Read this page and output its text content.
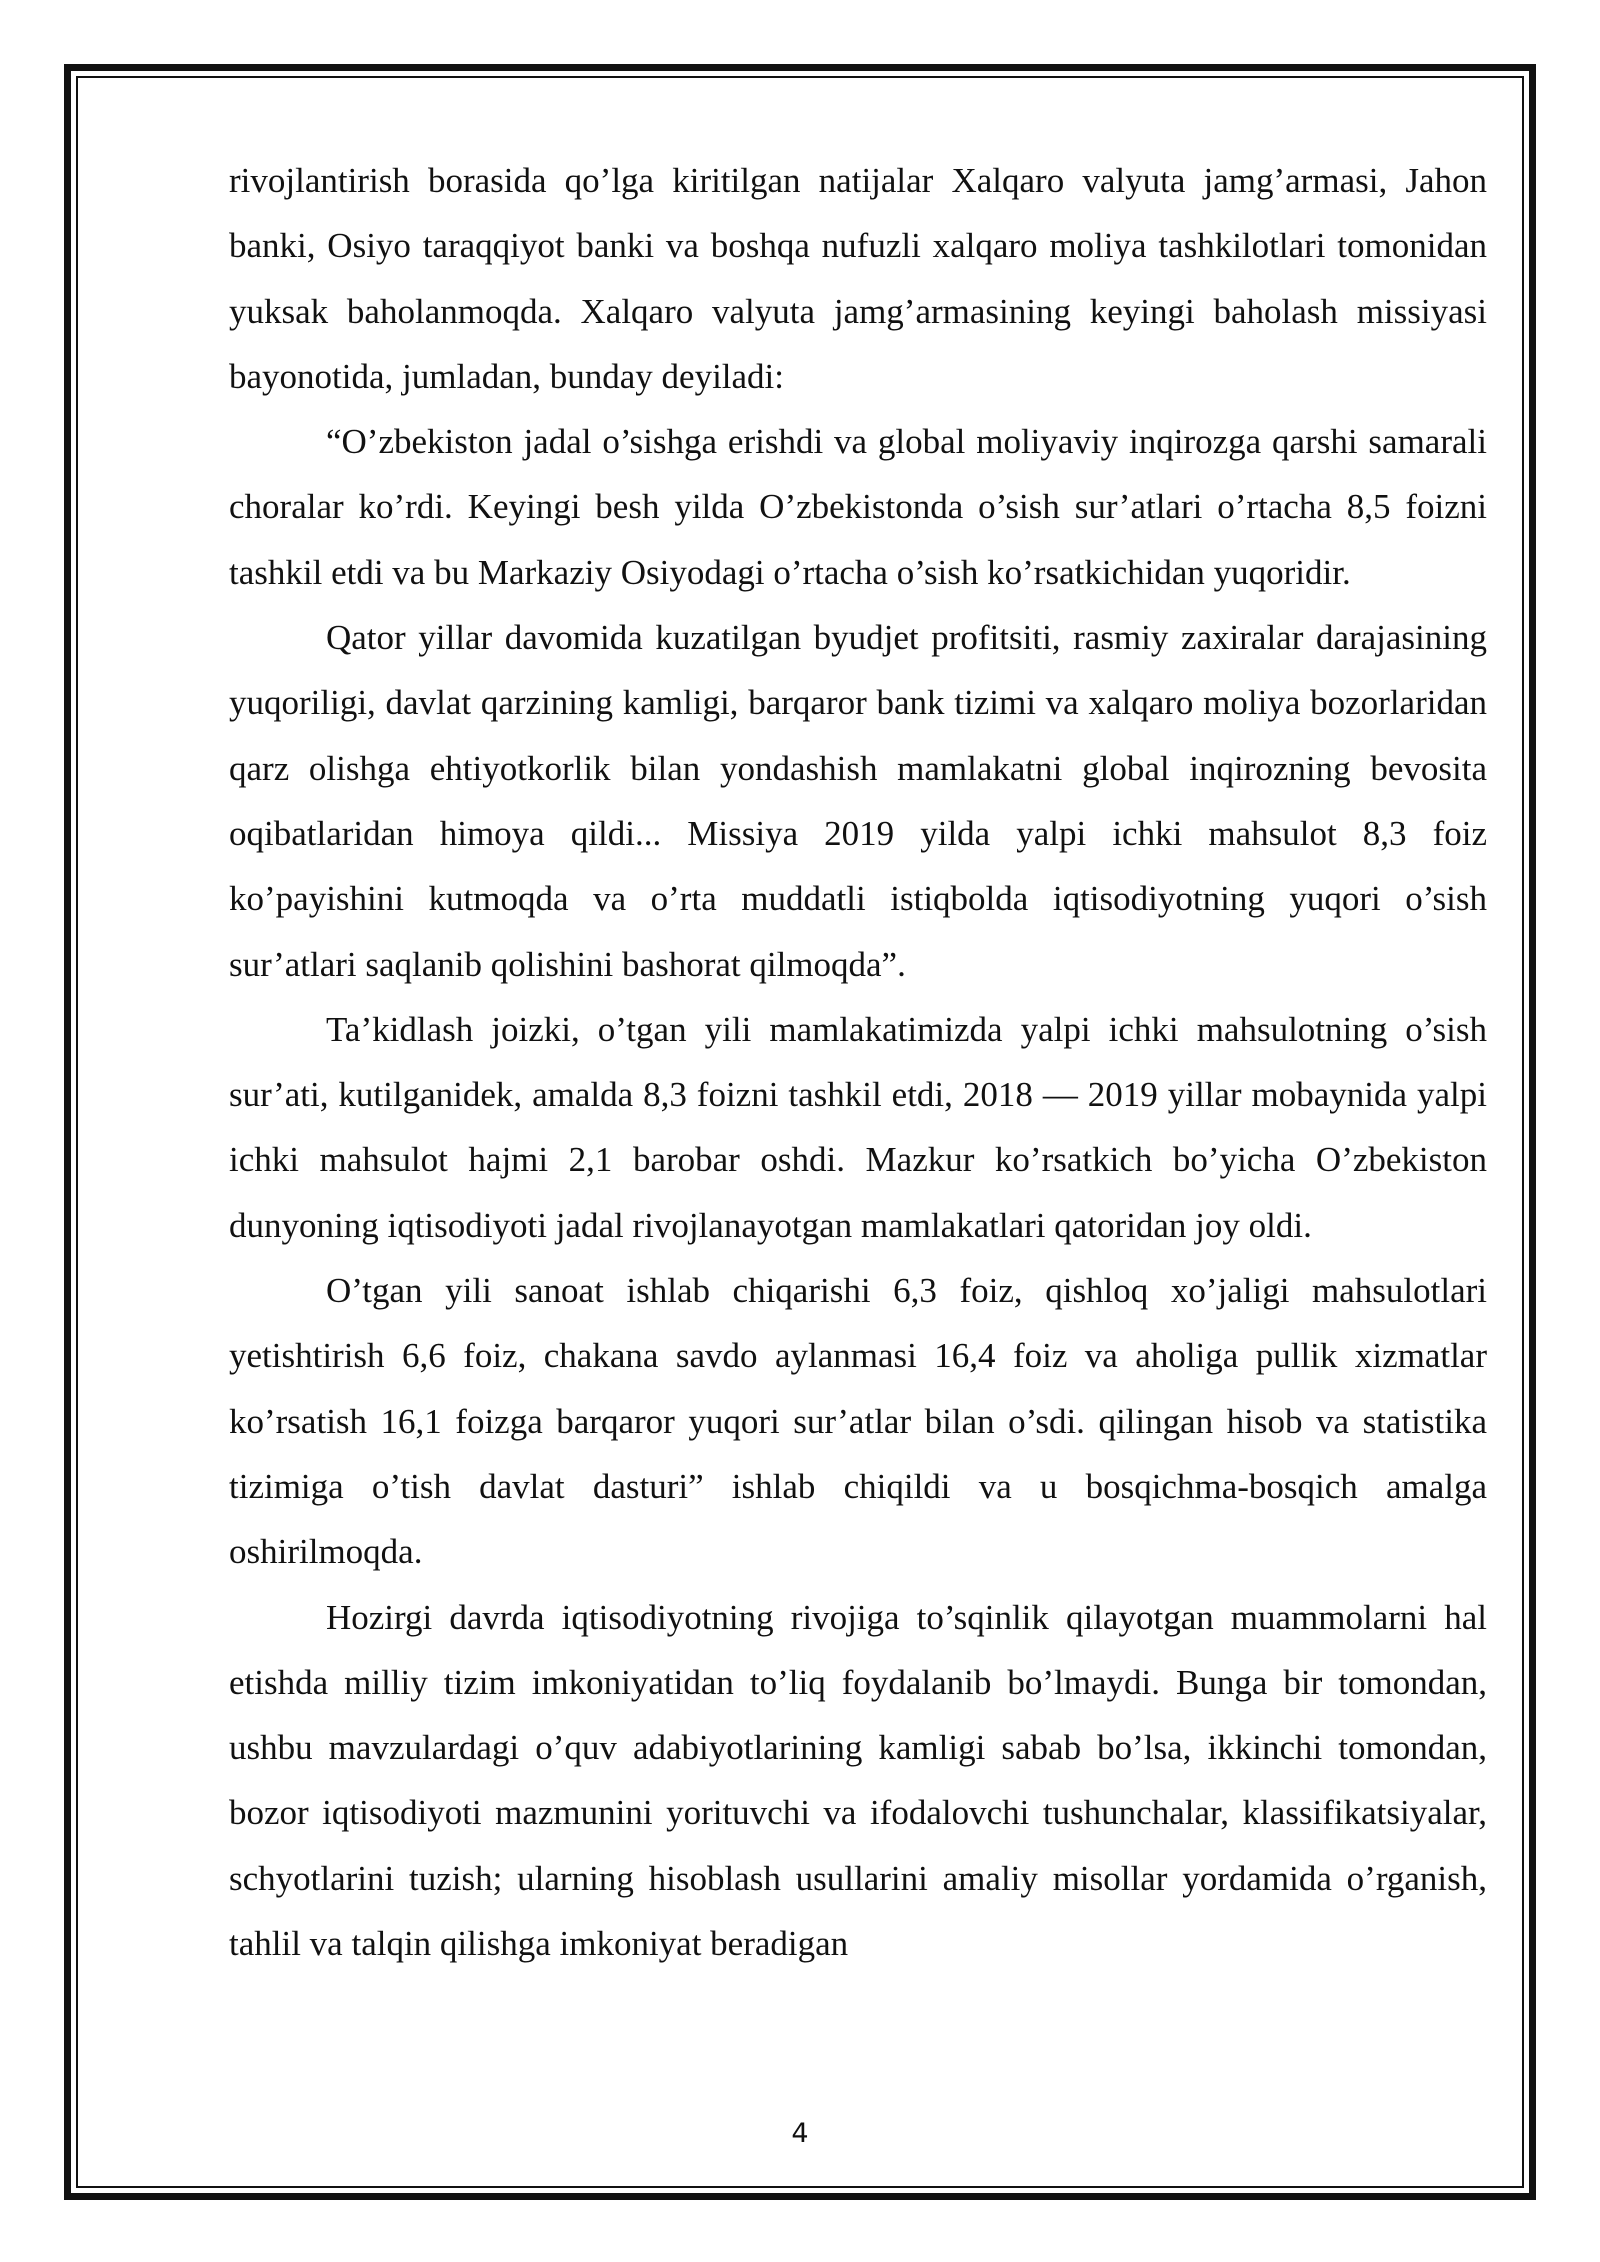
rivojlantirish borasida qo’lga kiritilgan natijalar Xalqaro valyuta jamg’armasi, Jahon banki, Osiyo taraqqiyot banki va boshqa nufuzli xalqaro moliya tashkilotlari tomonidan yuksak baholanmoqda. Xalqaro valyuta jamg’armasining keyingi baholash missiyasi bayonotida, jumladan, bunday deyiladi:

“O’zbekiston jadal o’sishga erishdi va global moliyaviy inqirozga qarshi samarali choralar ko’rdi. Keyingi besh yilda O’zbekistonda o’sish sur’atlari o’rtacha 8,5 foizni tashkil etdi va bu Markaziy Osiyodagi o’rtacha o’sish ko’rsatkichidan yuqoridir.

Qator yillar davomida kuzatilgan byudjet profitsiti, rasmiy zaxiralar darajasining yuqoriligi, davlat qarzining kamligi, barqaror bank tizimi va xalqaro moliya bozorlaridan qarz olishga ehtiyotkorlik bilan yondashish mamlakatni global inqirozning bevosita oqibatlaridan himoya qildi... Missiya 2019 yilda yalpi ichki mahsulot 8,3 foiz ko’payishini kutmoqda va o’rta muddatli istiqbolda iqtisodiyotning yuqori o’sish sur’atlari saqlanib qolishini bashorat qilmoqda”.

Ta’kidlash joizki, o’tgan yili mamlakatimizda yalpi ichki mahsulotning o’sish sur’ati, kutilganidek, amalda 8,3 foizni tashkil etdi, 2018 — 2019 yillar mobaynida yalpi ichki mahsulot hajmi 2,1 barobar oshdi. Mazkur ko’rsatkich bo’yicha O’zbekiston dunyoning iqtisodiyoti jadal rivojlanayotgan mamlakatlari qatoridan joy oldi.

O’tgan yili sanoat ishlab chiqarishi 6,3 foiz, qishloq xo’jaligi mahsulotlari yetishtirish 6,6 foiz, chakana savdo aylanmasi 16,4 foiz va aholiga pullik xizmatlar ko’rsatish 16,1 foizga barqaror yuqori sur’atlar bilan o’sdi. qilingan hisob va statistika tizimiga o’tish davlat dasturi” ishlab chiqildi va u bosqichma-bosqich amalga oshirilmoqda.

Hozirgi davrda iqtisodiyotning rivojiga to’sqinlik qilayotgan muammolarni hal etishda milliy tizim imkoniyatidan to’liq foydalanib bo’lmaydi. Bunga bir tomondan, ushbu mavzulardagi o’quv adabiyotlarining kamligi sabab bo’lsa, ikkinchi tomondan, bozor iqtisodiyoti mazmunini yorituvchi va ifodalovchi tushunchalar, klassifikatsiyalar, schyotlarini tuzish; ularning hisoblash usullarini amaliy misollar yordamida o’rganish, tahlil va talqin qilishga imkoniyat beradigan

4
